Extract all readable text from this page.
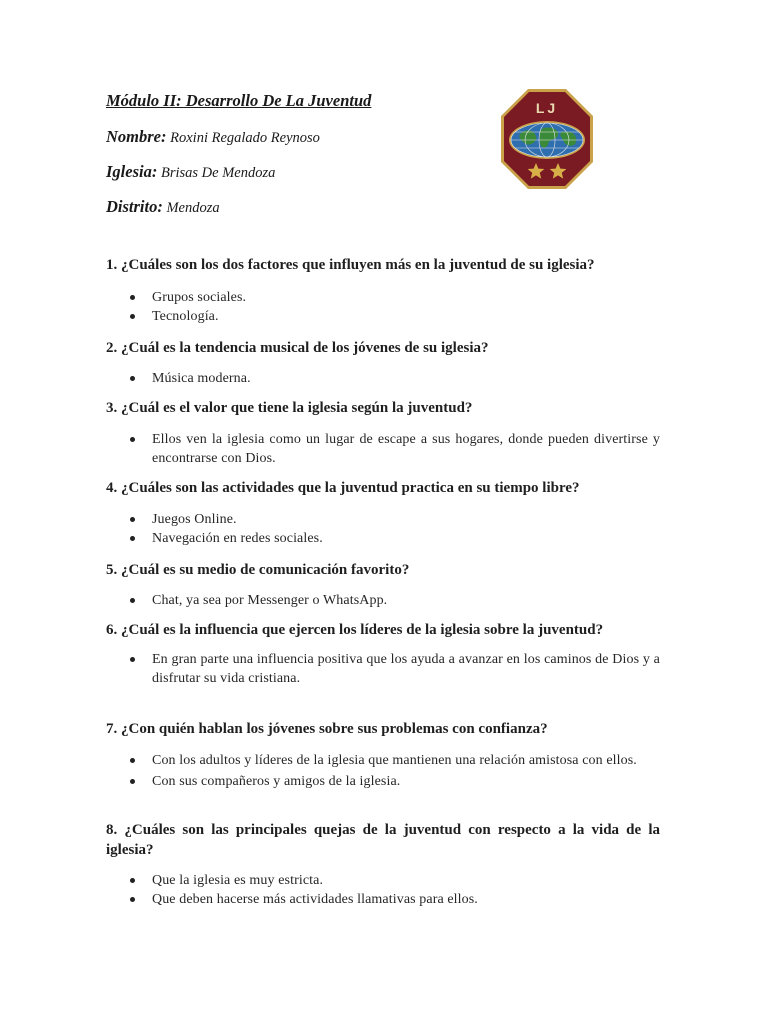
Módulo II: Desarrollo De La Juventud
Nombre: Roxini Regalado Reynoso
Iglesia: Brisas De Mendoza
Distrito: Mendoza
LJ

1. ¿Cuáles son los dos factores que influyen más en la juventud de su iglesia?

Grupos sociales.
Tecnología.

2. ¿Cuál es la tendencia musical de los jóvenes de su iglesia?

Música moderna.

3. ¿Cuál es el valor que tiene la iglesia según la juventud?

Ellos ven la iglesia como un lugar de escape a sus hogares, donde pueden divertirse y encontrarse con Dios.

4. ¿Cuáles son las actividades que la juventud practica en su tiempo libre?

Juegos Online.
Navegación en redes sociales.

5. ¿Cuál es su medio de comunicación favorito?

Chat, ya sea por Messenger o WhatsApp.

6. ¿Cuál es la influencia que ejercen los líderes de la iglesia sobre la juventud?

En gran parte una influencia positiva que los ayuda a avanzar en los caminos de Dios y a disfrutar su vida cristiana.

7. ¿Con quién hablan los jóvenes sobre sus problemas con confianza?

Con los adultos y líderes de la iglesia que mantienen una relación amistosa con ellos.
Con sus compañeros y amigos de la iglesia.

8. ¿Cuáles son las principales quejas de la juventud con respecto a la vida de la iglesia?

Que la iglesia es muy estricta.
Que deben hacerse más actividades llamativas para ellos.
